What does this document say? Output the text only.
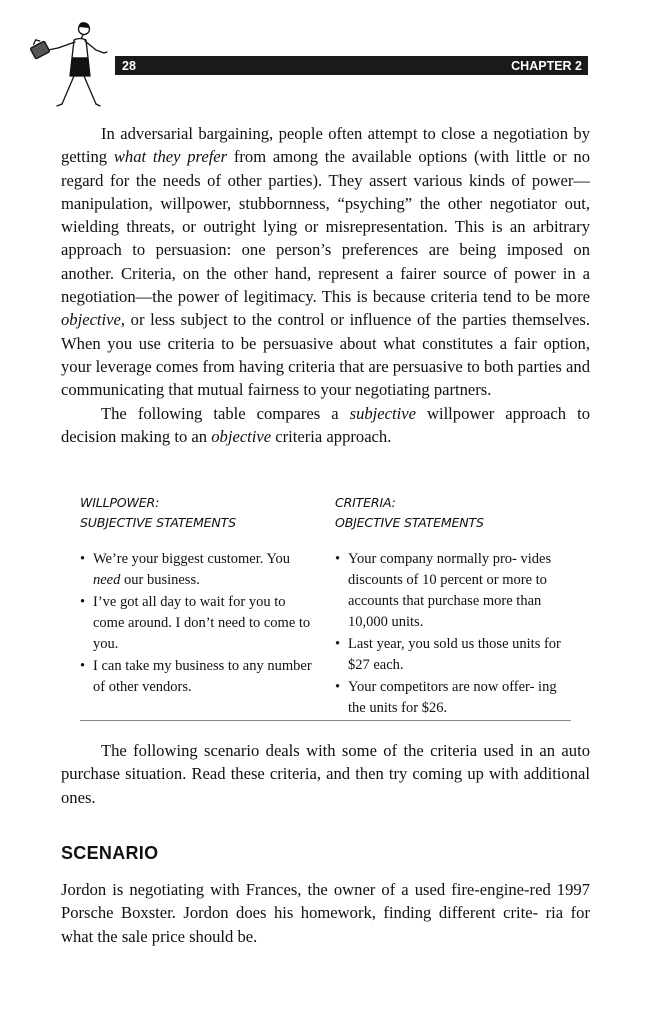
28	CHAPTER 2

In adversarial bargaining, people often attempt to close a negotiation by getting what they prefer from among the available options (with little or no regard for the needs of other parties). They assert various kinds of power—manipulation, willpower, stubbornness, “psyching” the other negotiator out, wielding threats, or outright lying or misrepresentation. This is an arbitrary approach to persuasion: one person’s preferences are being imposed on another. Criteria, on the other hand, represent a fairer source of power in a negotiation—the power of legitimacy. This is because criteria tend to be more objective, or less subject to the control or influence of the parties themselves. When you use criteria to be persuasive about what constitutes a fair option, your leverage comes from having criteria that are persuasive to both parties and communicating that mutual fairness to your negotiating partners.

The following table compares a subjective willpower approach to decision making to an objective criteria approach.

WILLPOWER:
SUBJECTIVE STATEMENTS
• We’re your biggest customer. You need our business.
• I’ve got all day to wait for you to come around. I don’t need to come to you.
• I can take my business to any number of other vendors.
CRITERIA:
OBJECTIVE STATEMENTS
• Your company normally pro- vides discounts of 10 percent or more to accounts that purchase more than 10,000 units.
• Last year, you sold us those units for $27 each.
• Your competitors are now offer- ing the units for $26.

The following scenario deals with some of the criteria used in an auto purchase situation. Read these criteria, and then try coming up with additional ones.

SCENARIO

Jordon is negotiating with Frances, the owner of a used fire-engine-red 1997 Porsche Boxster. Jordon does his homework, finding different crite- ria for what the sale price should be.
